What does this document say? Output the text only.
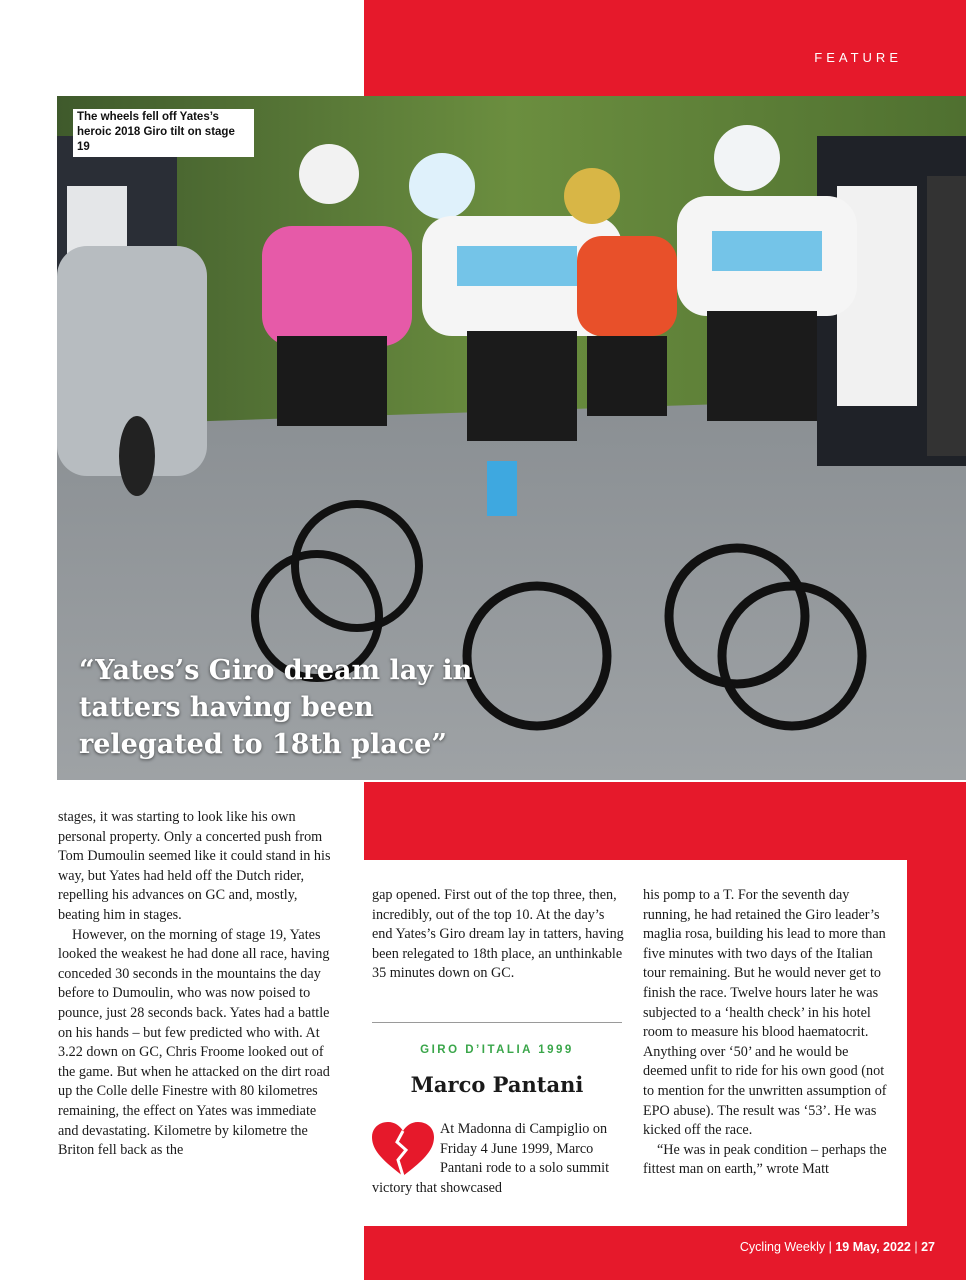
FEATURE
The wheels fell off Yates’s heroic 2018 Giro tilt on stage 19
“Yates’s Giro dream lay in tatters having been relegated to 18th place”

stages, it was starting to look like his own personal property. Only a concerted push from Tom Dumoulin seemed like it could stand in his way, but Yates had held off the Dutch rider, repelling his advances on GC and, mostly, beating him in stages.

However, on the morning of stage 19, Yates looked the weakest he had done all race, having conceded 30 seconds in the mountains the day before to Dumoulin, who was now poised to pounce, just 28 seconds back. Yates had a battle on his hands – but few predicted who with. At 3.22 down on GC, Chris Froome looked out of the game. But when he attacked on the dirt road up the Colle delle Finestre with 80 kilometres remaining, the effect on Yates was immediate and devastating. Kilometre by kilometre the Briton fell back as the

gap opened. First out of the top three, then, incredibly, out of the top 10. At the day’s end Yates’s Giro dream lay in tatters, having been relegated to 18th place, an unthinkable 35 minutes down on GC.

GIRO D’ITALIA 1999
Marco Pantani
At Madonna di Campiglio on Friday 4 June 1999, Marco Pantani rode to a solo summit victory that showcased

his pomp to a T. For the seventh day running, he had retained the Giro leader’s maglia rosa, building his lead to more than five minutes with two days of the Italian tour remaining. But he would never get to finish the race. Twelve hours later he was subjected to a ‘health check’ in his hotel room to measure his blood haematocrit. Anything over ‘50’ and he would be deemed unfit to ride for his own good (not to mention for the unwritten assumption of EPO abuse). The result was ‘53’. He was kicked off the race.

“He was in peak condition – perhaps the fittest man on earth,” wrote Matt

Cycling Weekly | 19 May, 2022 | 27
